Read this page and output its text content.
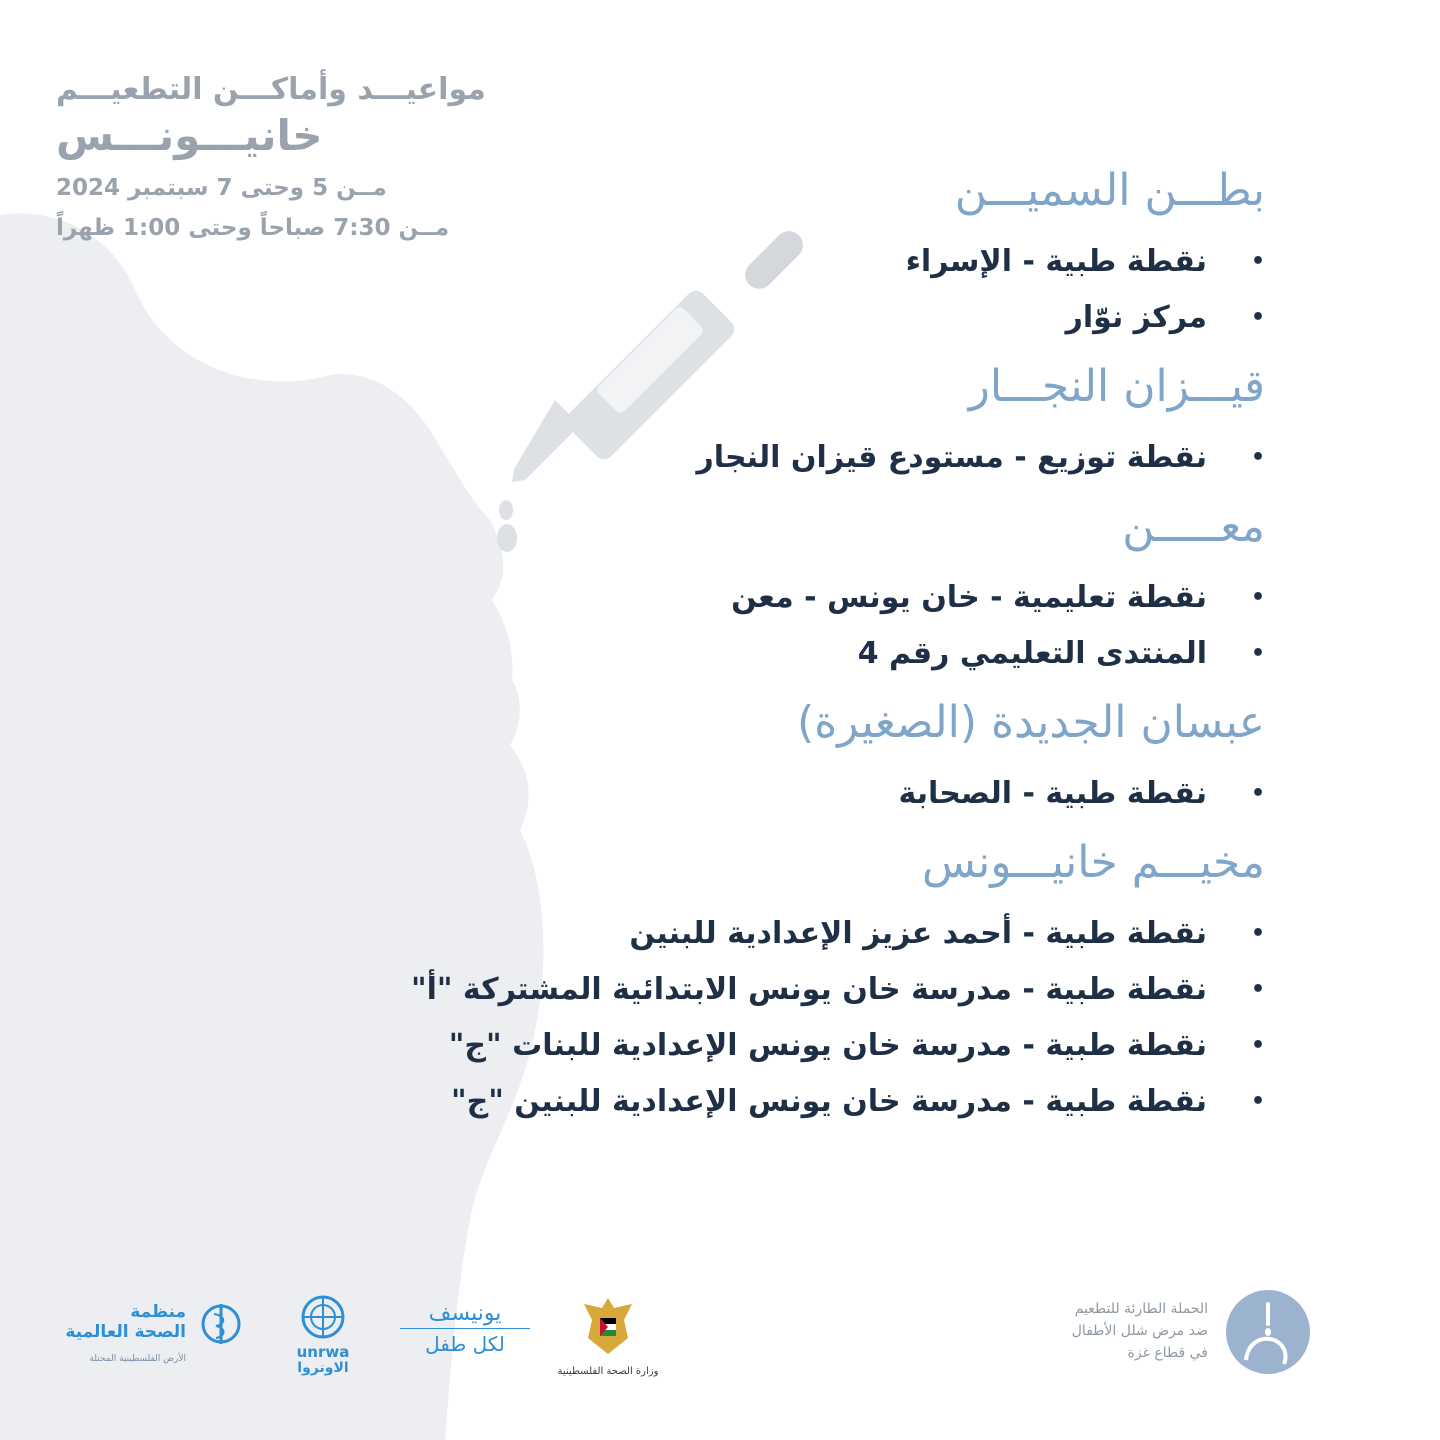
مواعيـــد وأماكـــن التطعيـــم
خانيـــونـــس
مــن 5 وحتى 7 سبتمبر 2024
مــن 7:30 صباحاً وحتى 1:00 ظهراً
بطـــن السميـــن
• نقطة طبية - الإسراء
• مركز نوّار
قيـــزان النجـــار
• نقطة توزيع - مستودع قيزان النجار
معـــــن
• نقطة تعليمية - خان يونس - معن
• المنتدى التعليمي رقم 4
عبسان الجديدة (الصغيرة)
• نقطة طبية - الصحابة
مخيـــم خانيـــونس
• نقطة طبية - أحمد عزيز الإعدادية للبنين
• نقطة طبية - مدرسة خان يونس الابتدائية المشتركة "أ"
• نقطة طبية - مدرسة خان يونس الإعدادية للبنات "ج"
• نقطة طبية - مدرسة خان يونس الإعدادية للبنين "ج"
الحملة الطارئة للتطعيم
ضد مرض شلل الأطفال
في قطاع غزة
وزارة الصحة الفلسطينية
يونيسف
لكل طفل
unrwa
الاونروا
منظمة
الصحة العالمية
الأرض الفلسطينية المحتلة
